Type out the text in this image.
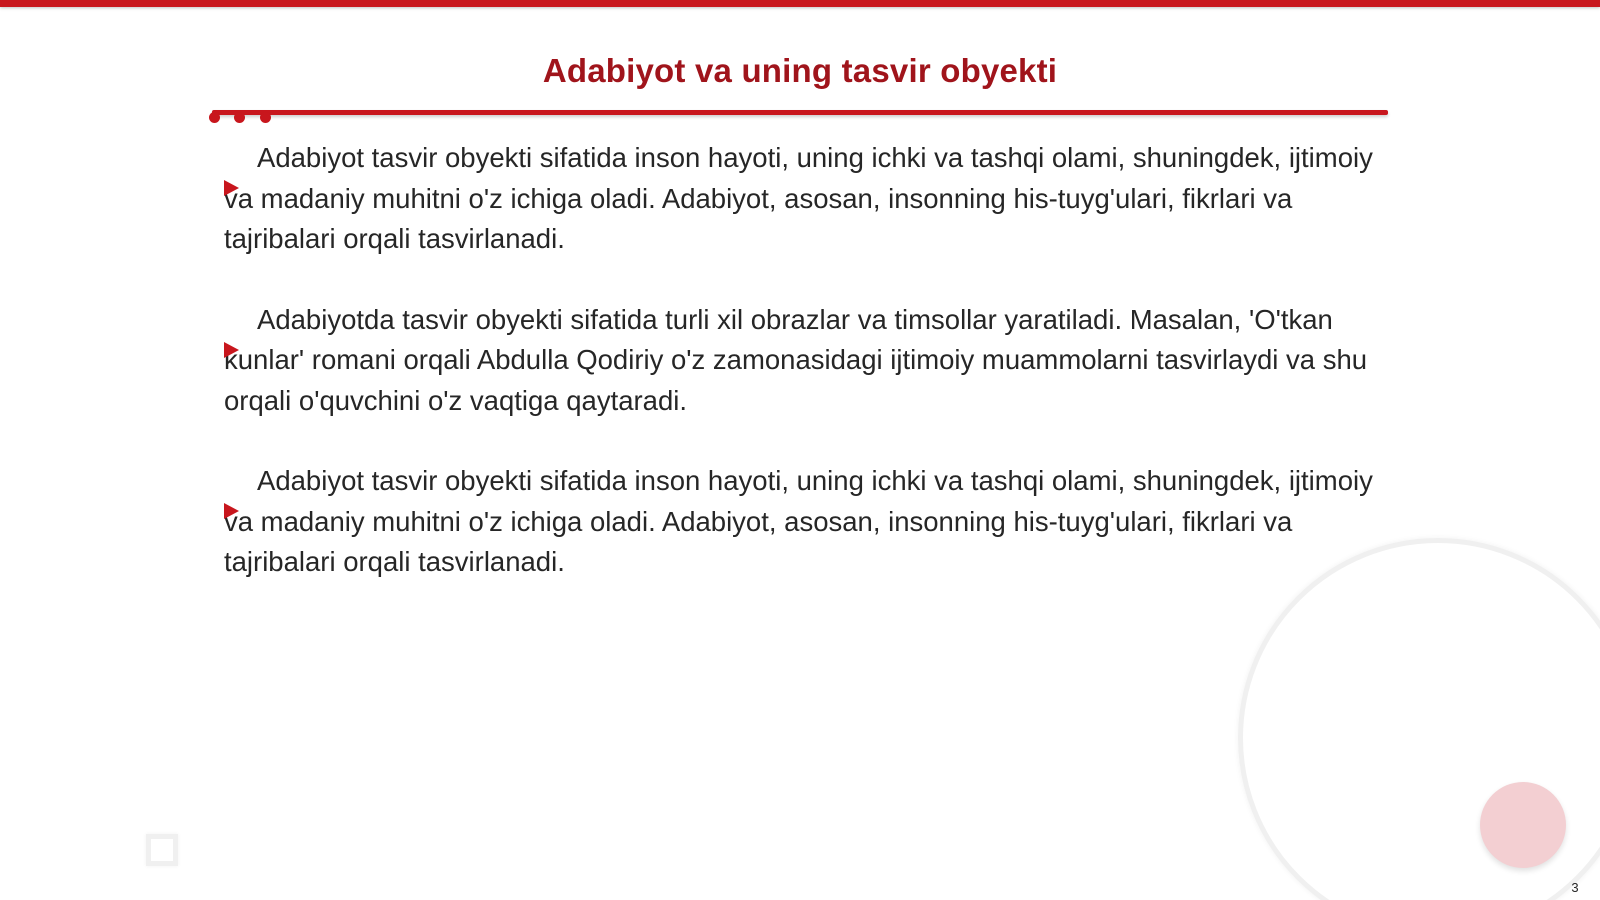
Adabiyot va uning tasvir obyekti
Adabiyot tasvir obyekti sifatida inson hayoti, uning ichki va tashqi olami, shuningdek, ijtimoiy va madaniy muhitni o'z ichiga oladi. Adabiyot, asosan, insonning his-tuyg'ulari, fikrlari va tajribalari orqali tasvirlanadi.
Adabiyotda tasvir obyekti sifatida turli xil obrazlar va timsollar yaratiladi. Masalan, 'O'tkan kunlar' romani orqali Abdulla Qodiriy o'z zamonasidagi ijtimoiy muammolarni tasvirlaydi va shu orqali o'quvchini o'z vaqtiga qaytaradi.
Adabiyot tasvir obyekti sifatida inson hayoti, uning ichki va tashqi olami, shuningdek, ijtimoiy va madaniy muhitni o'z ichiga oladi. Adabiyot, asosan, insonning his-tuyg'ulari, fikrlari va tajribalari orqali tasvirlanadi.
3
